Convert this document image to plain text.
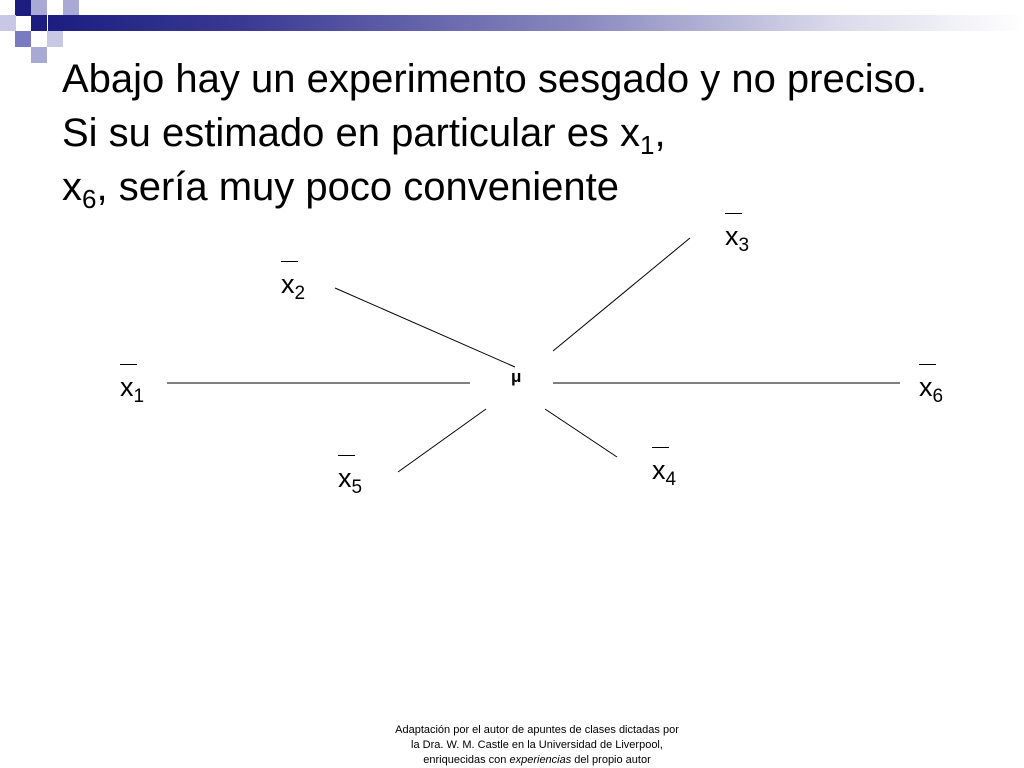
Abajo hay un experimento sesgado y no preciso. Si su estimado en particular es $x_1$,
$x_6$, sería muy poco conveniente
μ
$x_1$
$x_2$
$x_3$
$x_4$
$x_5$
$x_6$
Adaptación por el autor de apuntes de clases dictadas por
la Dra. W. M. Castle en la Universidad de Liverpool,
enriquecidas con experiencias del propio autor
